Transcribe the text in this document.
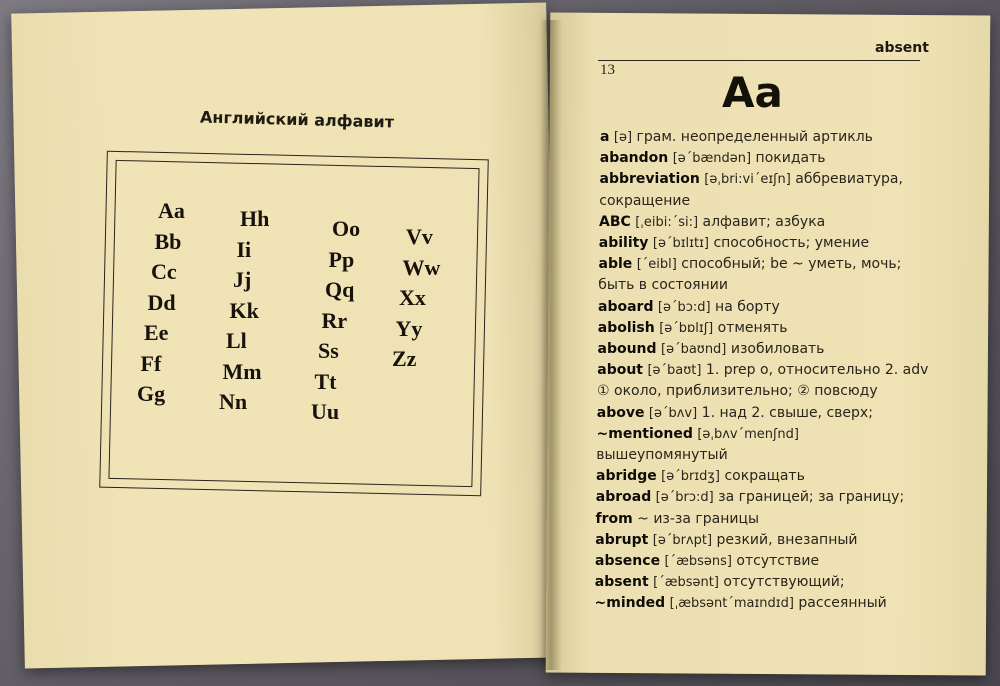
Английский алфавит
Aa
Bb
Cc
Dd
Ee
Ff
Gg
Hh
Ii
Jj
Kk
Ll
Mm
Nn
Oo
Pp
Qq
Rr
Ss
Tt
Uu
Vv
Ww
Xx
Yy
Zz
absent
13	Aa
a [ə] грам. неопределенный артикль
abandon [əˊbændən] покидать
abbreviation [əˌbri:viˊeɪʃn] аббревиатура,
сокращение
ABC [ˌeibi:ˊsi:] алфавит; азбука
ability [əˊbɪlɪtɪ] способность; умение
able [ˊeibl] способный; be ~ уметь, мочь;
быть в состоянии
aboard [əˊbɔ:d] на борту
abolish [əˊbɒlɪʃ] отменять
abound [əˊbaʊnd] изобиловать
about [əˊbaʊt] 1. prep о, относительно 2. adv
① около, приблизительно; ② повсюду
above [əˊbʌv] 1. над 2. свыше, сверх;
~mentioned [əˌbʌvˊmenʃnd]
вышеупомянутый
abridge [əˊbrɪdʒ] сокращать
abroad [əˊbrɔ:d] за границей; за границу;
from ~ из-за границы
abrupt [əˊbrʌpt] резкий, внезапный
absence [ˊæbsəns] отсутствие
absent [ˊæbsənt] отсутствующий;
~minded [ˌæbsəntˊmaɪndɪd] рассеянный
